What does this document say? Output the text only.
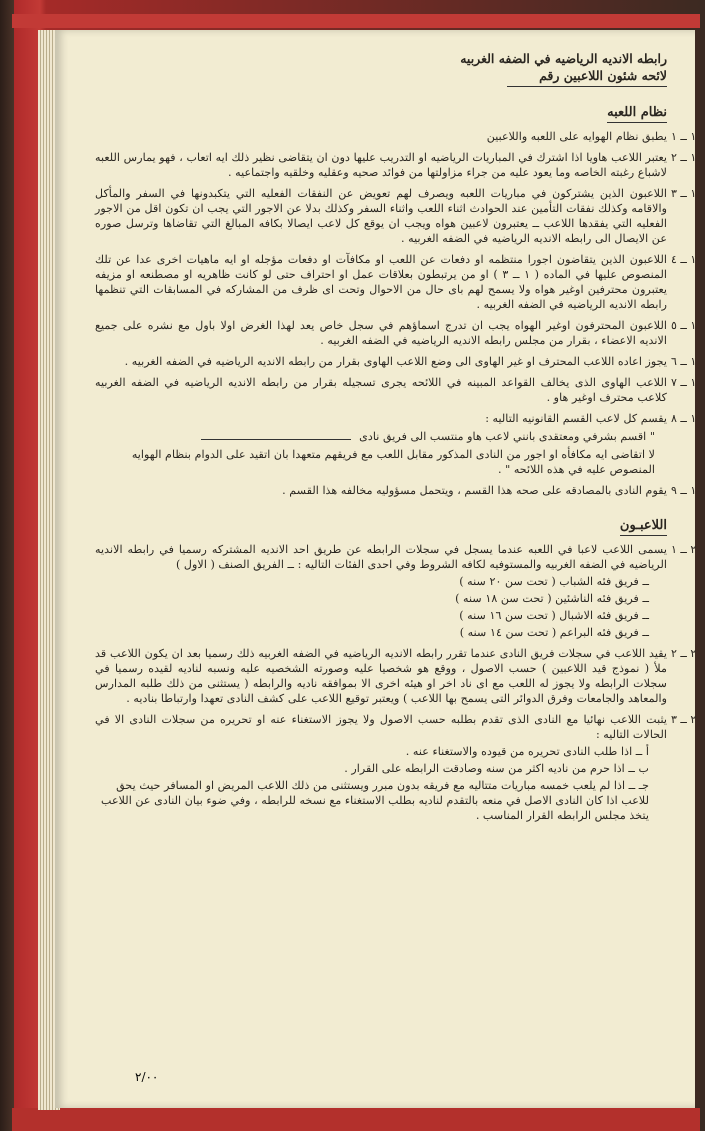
رابطه الانديه الرياضيه في الضفه الغربيه
لائحه شئون اللاعبين رقم
نظام اللعبه
١ ــ ١
يطبق نظام الهوايه على اللعبه واللاعبين
١ ــ ٢
يعتبر اللاعب هاويا اذا اشترك في المباريات الرياضيه او التدريب عليها دون ان يتقاضى نظير ذلك ايه اتعاب ، فهو يمارس اللعبه لاشباع رغبته الخاصه وما يعود عليه من جراء مزاولتها من فوائد صحيه وعقليه وخلقيه واجتماعيه .
١ ــ ٣
اللاعبون الذين يشتركون في مباريات اللعبه ويصرف لهم تعويض عن النفقات الفعليه التي يتكبدونها في السفر والمأكل والاقامه وكذلك نفقات التأمين عند الحوادث اثناء اللعب واثناء السفر وكذلك بدلا عن الاجور التي يجب ان تكون اقل من الاجور الفعليه التي يفقدها اللاعب ــ يعتبرون لاعبين هواه ويجب ان يوقع كل لاعب ايصالا بكافه المبالغ التي تقاضاها وترسل صوره عن الايصال الى رابطه الانديه الرياضيه في الضفه الغربيه .
١ ــ ٤
اللاعبون الذين يتقاضون اجورا منتظمه او دفعات عن اللعب او مكافآت او دفعات مؤجله او ايه ماهيات اخرى عدا عن تلك المنصوص عليها في الماده ( ١ ــ ٣ ) او من يرتبطون بعلاقات عمل او احتراف حتى لو كانت ظاهريه او مصطنعه او مزيفه يعتبرون محترفين اوغير هواه ولا يسمح لهم باى حال من الاحوال وتحت اى ظرف من المشاركه في المسابقات التي تنظمها رابطه الانديه الرياضيه في الضفه الغربيه .
١ ــ ٥
اللاعبون المحترفون اوغير الهواه يجب ان تدرج اسماؤهم في سجل خاص يعد لهذا الغرض اولا باول مع نشره على جميع الانديه الاعضاء ، بقرار من مجلس رابطه الانديه الرياضيه في الضفه الغربيه .
١ ــ ٦
يجوز اعاده اللاعب المحترف او غير الهاوى الى وضع اللاعب الهاوى بقرار من رابطه الانديه الرياضيه في الضفه الغربيه .
١ ــ ٧
اللاعب الهاوى الذى يخالف القواعد المبينه في اللائحه يجرى تسجيله بقرار من رابطه الانديه الرياضيه في الضفه الغربيه كلاعب محترف اوغير هاو .
١ ــ ٨
يقسم كل لاعب القسم القانونيه التاليه :
" اقسم بشرفي ومعتقدى بانني لاعب هاو منتسب الى فريق نادى
لا اتقاضى ايه مكافأه او اجور من النادى المذكور مقابل اللعب مع فريقهم متعهدا بان اتقيد على الدوام بنظام الهوايه المنصوص عليه في هذه اللائحه " .
١ ــ ٩
يقوم النادى بالمصادقه على صحه هذا القسم ، ويتحمل مسؤوليه مخالفه هذا القسم .
اللاعبـون
٢ ــ ١
يسمى اللاعب لاعبا في اللعبه عندما يسجل في سجلات الرابطه عن طريق احد الانديه المشتركه رسميا في رابطه الانديه الرياضيه في الضفه الغربيه والمستوفيه لكافه الشروط وفي احدى الفئات التاليه : ــ الفريق الصنف ( الاول )
ــ فريق فئه الشباب ( تحت سن ٢٠ سنه )
ــ فريق فئه الناشئين ( تحت سن ١٨ سنه )
ــ فريق فئه الاشبال ( تحت سن ١٦ سنه )
ــ فريق فئه البراعم ( تحت سن ١٤ سنه )
٢ ــ ٢
يقيد اللاعب في سجلات فريق النادى عندما تقرر رابطه الانديه الرياضيه في الضفه الغربيه ذلك رسميا بعد ان يكون اللاعب قد ملأ ( نموذج قيد اللاعبين ) حسب الاصول ، ووقع هو شخصيا عليه وصورته الشخصيه عليه ونسبه لناديه لقيده رسميا في سجلات الرابطه ولا يجوز له اللعب مع اى ناد اخر او هيئه اخرى الا بموافقه ناديه والرابطه ( يستثنى من ذلك طلبه المدارس والمعاهد والجامعات وفرق الدوائر التى يسمح بها اللاعب ) ويعتبر توقيع اللاعب على كشف النادى تعهدا وارتباطا بناديه .
٢ ــ ٣
يثبت اللاعب نهائيا مع النادى الذى تقدم بطلبه حسب الاصول ولا يجوز الاستغناء عنه او تحريره من سجلات النادى الا في الحالات التاليه :
أ ــ اذا طلب النادى تحريره من قيوده والاستغناء عنه .
ب ــ اذا حرم من ناديه اكثر من سنه وصادقت الرابطه على القرار .
جـ ــ اذا لم يلعب خمسه مباريات متتاليه مع فريقه بدون مبرر ويستثنى من ذلك اللاعب المريض او المسافر حيث يحق للاعب اذا كان النادى الاصل في منعه بالتقدم لناديه بطلب الاستغناء مع نسخه للرابطه ، وفي ضوء بيان النادى عن اللاعب يتخذ مجلس الرابطه القرار المناسب .
٢/٠٠
